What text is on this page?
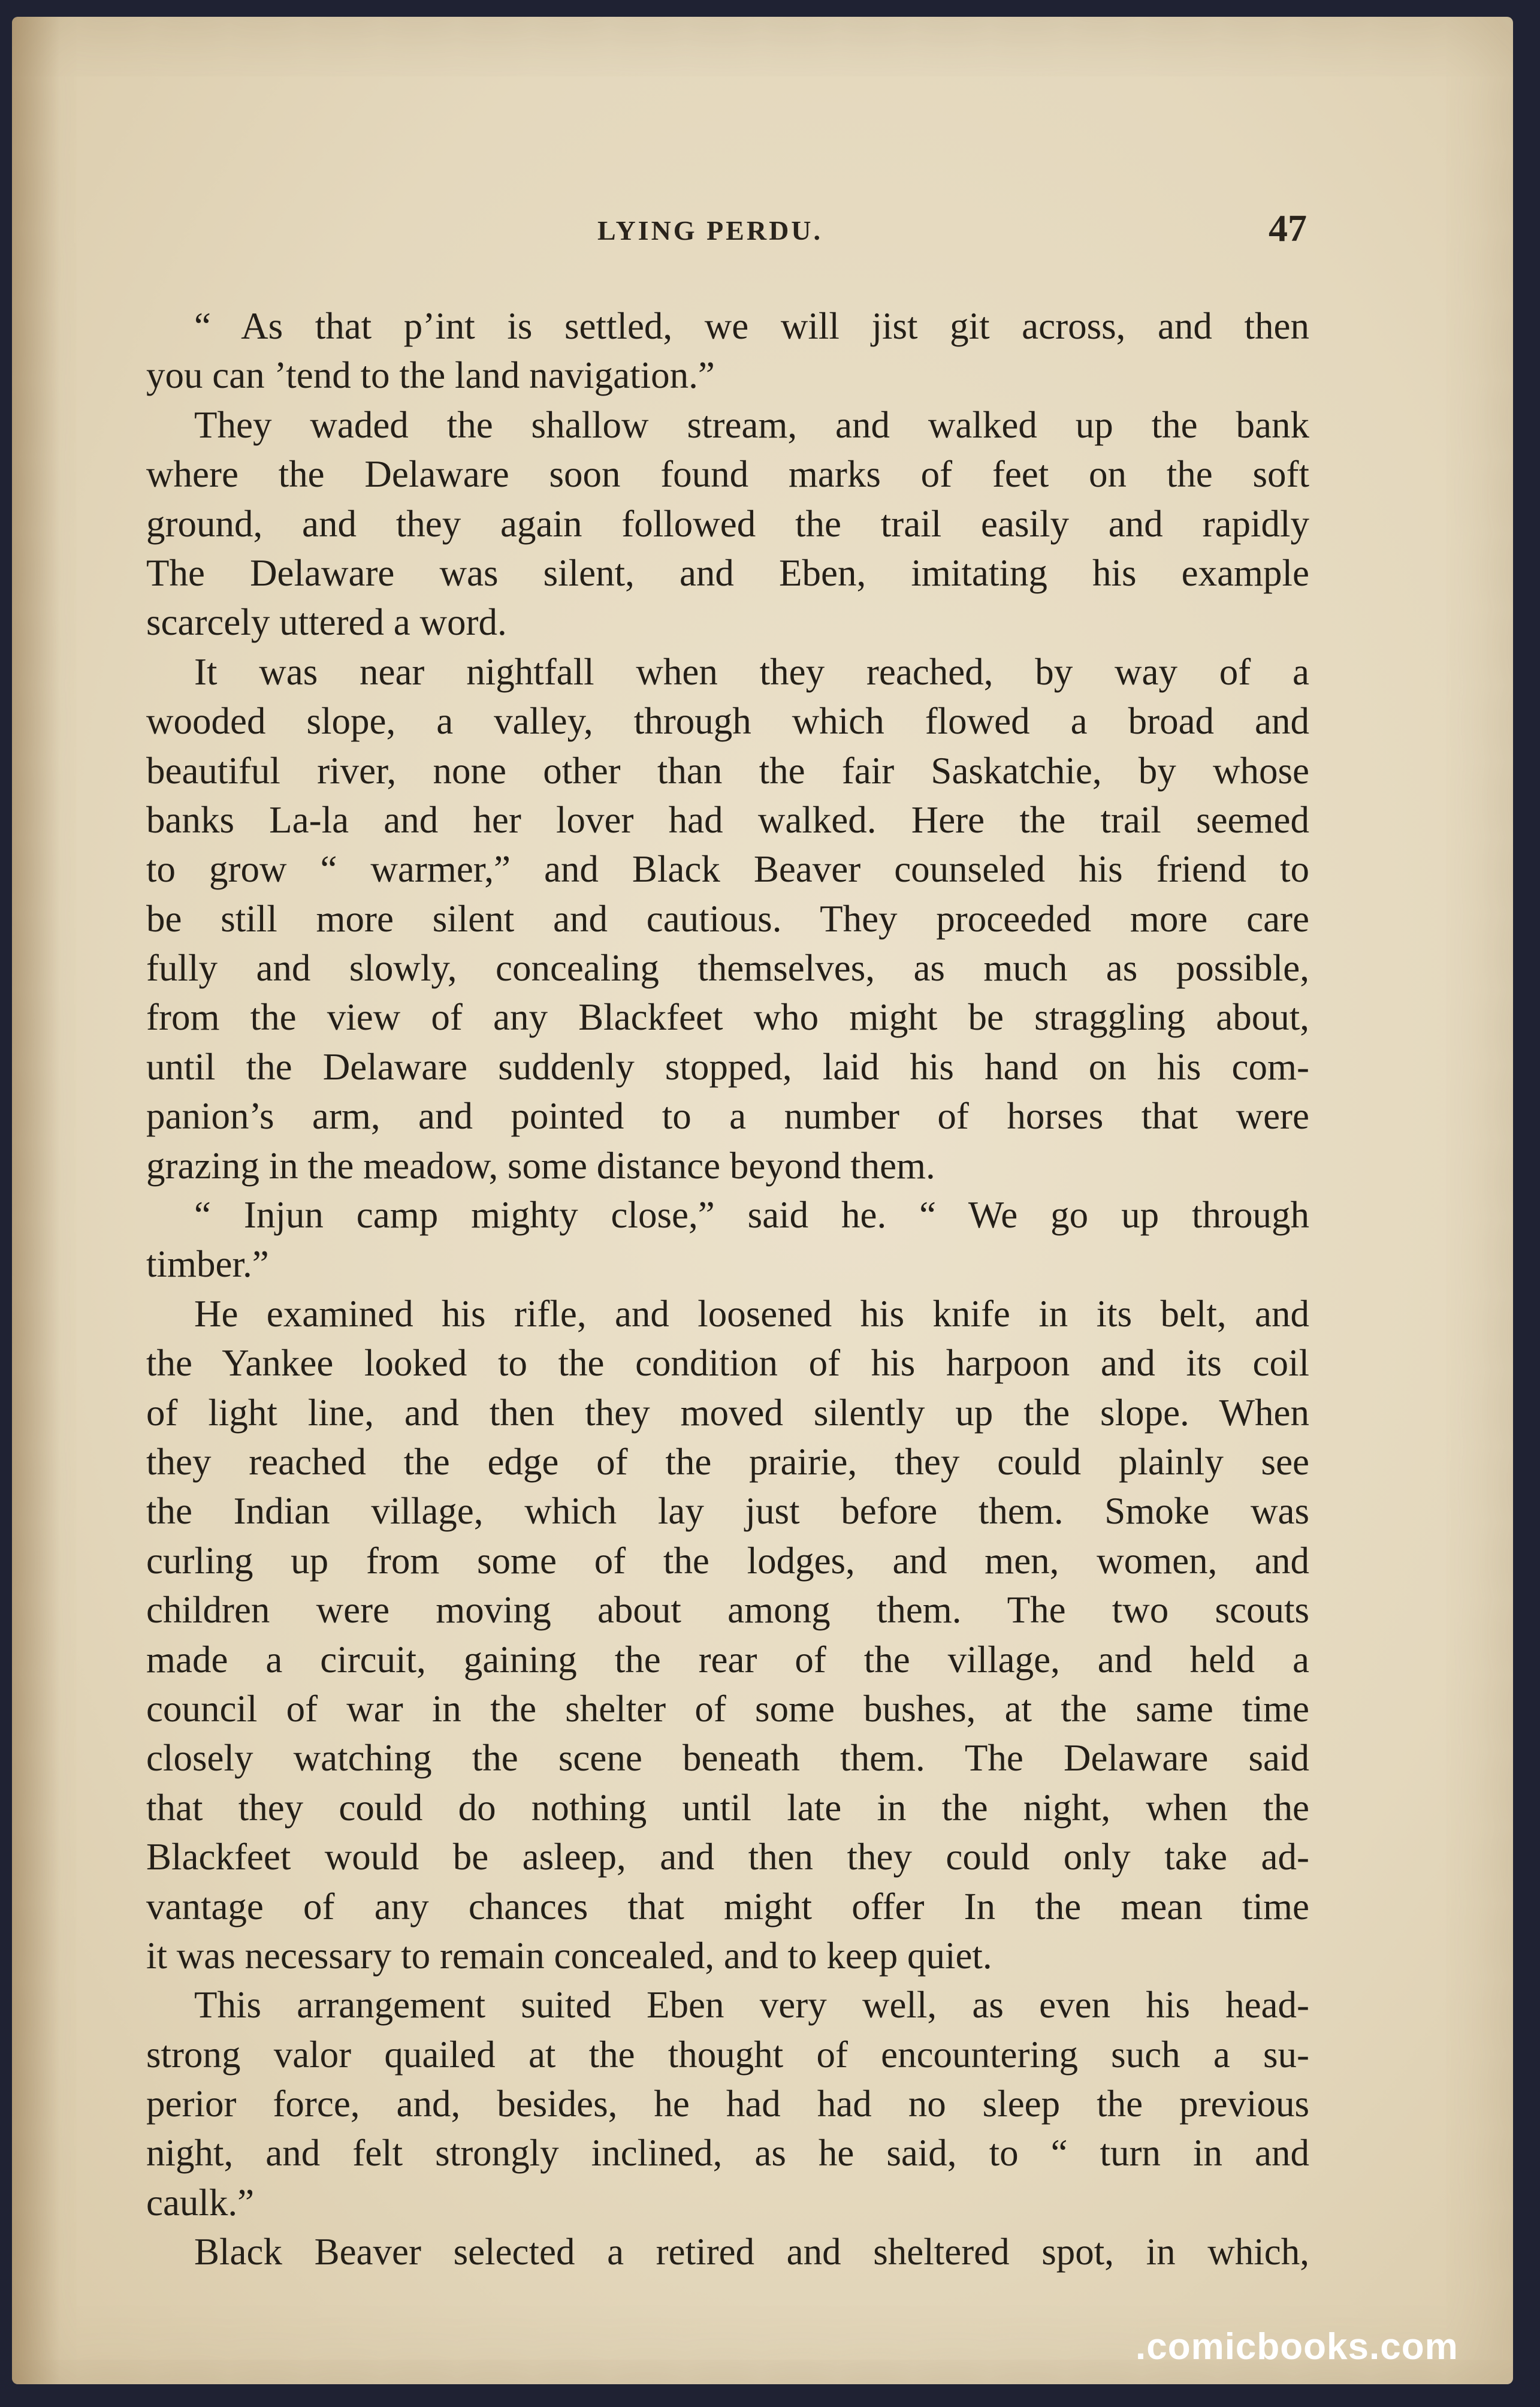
LYING PERDU.	47
“ As that p’int is settled, we will jist git across, and then
you can ’tend to the land navigation.”
They waded the shallow stream, and walked up the bank
where the Delaware soon found marks of feet on the soft
ground, and they again followed the trail easily and rapidly
The Delaware was silent, and Eben, imitating his example
scarcely uttered a word.
It was near nightfall when they reached, by way of a
wooded slope, a valley, through which flowed a broad and
beautiful river, none other than the fair Saskatchie, by whose
banks La-la and her lover had walked. Here the trail seemed
to grow “ warmer,” and Black Beaver counseled his friend to
be still more silent and cautious. They proceeded more care
fully and slowly, concealing themselves, as much as possible,
from the view of any Blackfeet who might be straggling about,
until the Delaware suddenly stopped, laid his hand on his com-
panion’s arm, and pointed to a number of horses that were
grazing in the meadow, some distance beyond them.
“ Injun camp mighty close,” said he. “ We go up through
timber.”
He examined his rifle, and loosened his knife in its belt, and
the Yankee looked to the condition of his harpoon and its coil
of light line, and then they moved silently up the slope. When
they reached the edge of the prairie, they could plainly see
the Indian village, which lay just before them. Smoke was
curling up from some of the lodges, and men, women, and
children were moving about among them. The two scouts
made a circuit, gaining the rear of the village, and held a
council of war in the shelter of some bushes, at the same time
closely watching the scene beneath them. The Delaware said
that they could do nothing until late in the night, when the
Blackfeet would be asleep, and then they could only take ad-
vantage of any chances that might offer In the mean time
it was necessary to remain concealed, and to keep quiet.
This arrangement suited Eben very well, as even his head-
strong valor quailed at the thought of encountering such a su-
perior force, and, besides, he had had no sleep the previous
night, and felt strongly inclined, as he said, to “ turn in and
caulk.”
Black Beaver selected a retired and sheltered spot, in which,
.comicbooks.com
